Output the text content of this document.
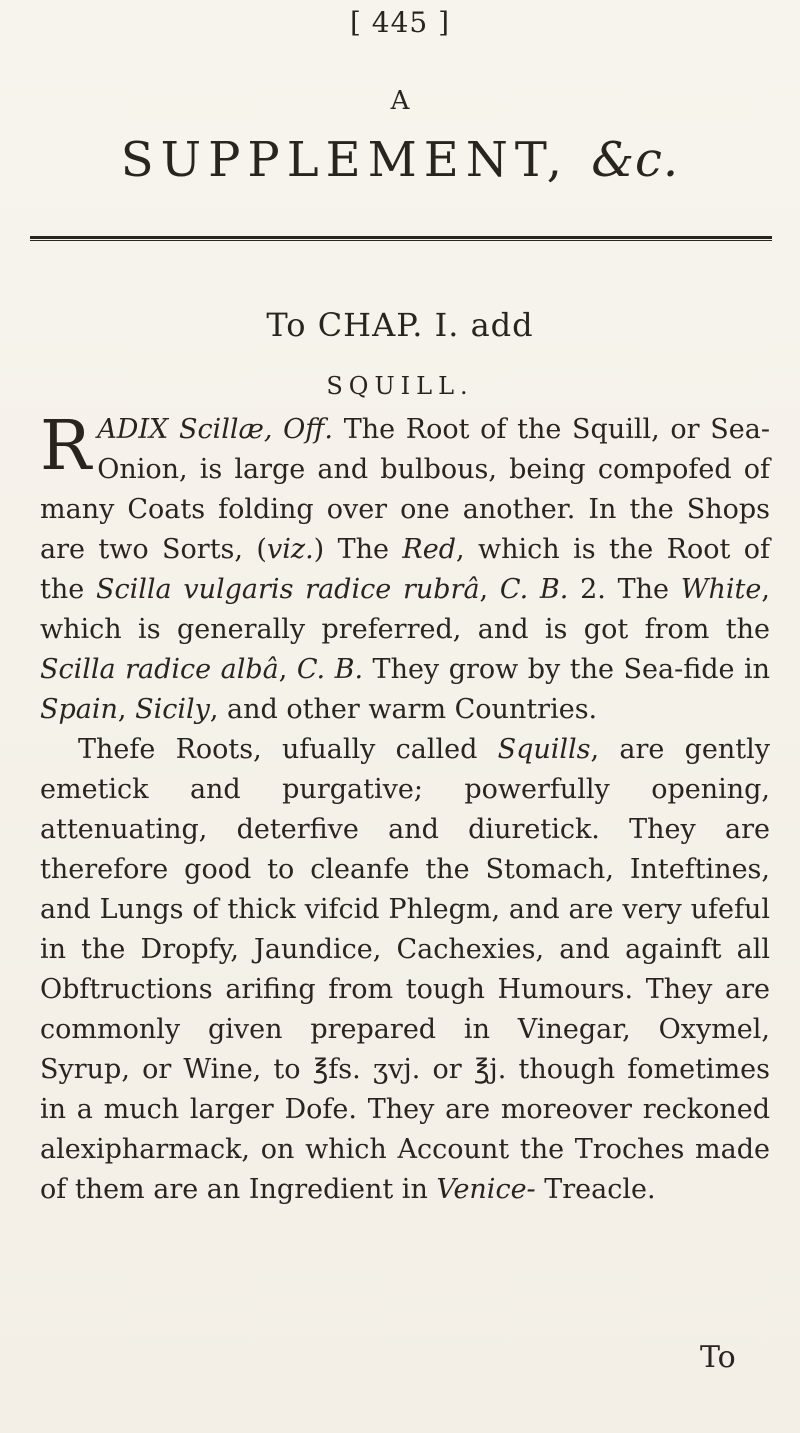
[ 445 ]
A
SUPPLEMENT, &c.
To CHAP. I. add
SQUILL.

RADIX Scillæ, Off. The Root of the Squill, or Sea-Onion, is large and bulbous, being compofed of many Coats folding over one another. In the Shops are two Sorts, (viz.) The Red, which is the Root of the Scilla vulgaris radice rubrâ, C. B. 2. The White, which is generally preferred, and is got from the Scilla radice albâ, C. B. They grow by the Sea-fide in Spain, Sicily, and other warm Countries.

Thefe Roots, ufually called Squills, are gently emetick and purgative; powerfully opening, attenuating, deterfive and diuretick. They are therefore good to cleanfe the Stomach, Inteftines, and Lungs of thick vifcid Phlegm, and are very ufeful in the Dropfy, Jaundice, Cachexies, and againft all Obftructions arifing from tough Humours. They are commonly given prepared in Vinegar, Oxymel, Syrup, or Wine, to ℥fs. ʒvj. or ℥j. though fometimes in a much larger Dofe. They are moreover reckoned alexipharmack, on which Account the Troches made of them are an Ingredient in Venice- Treacle.

To
